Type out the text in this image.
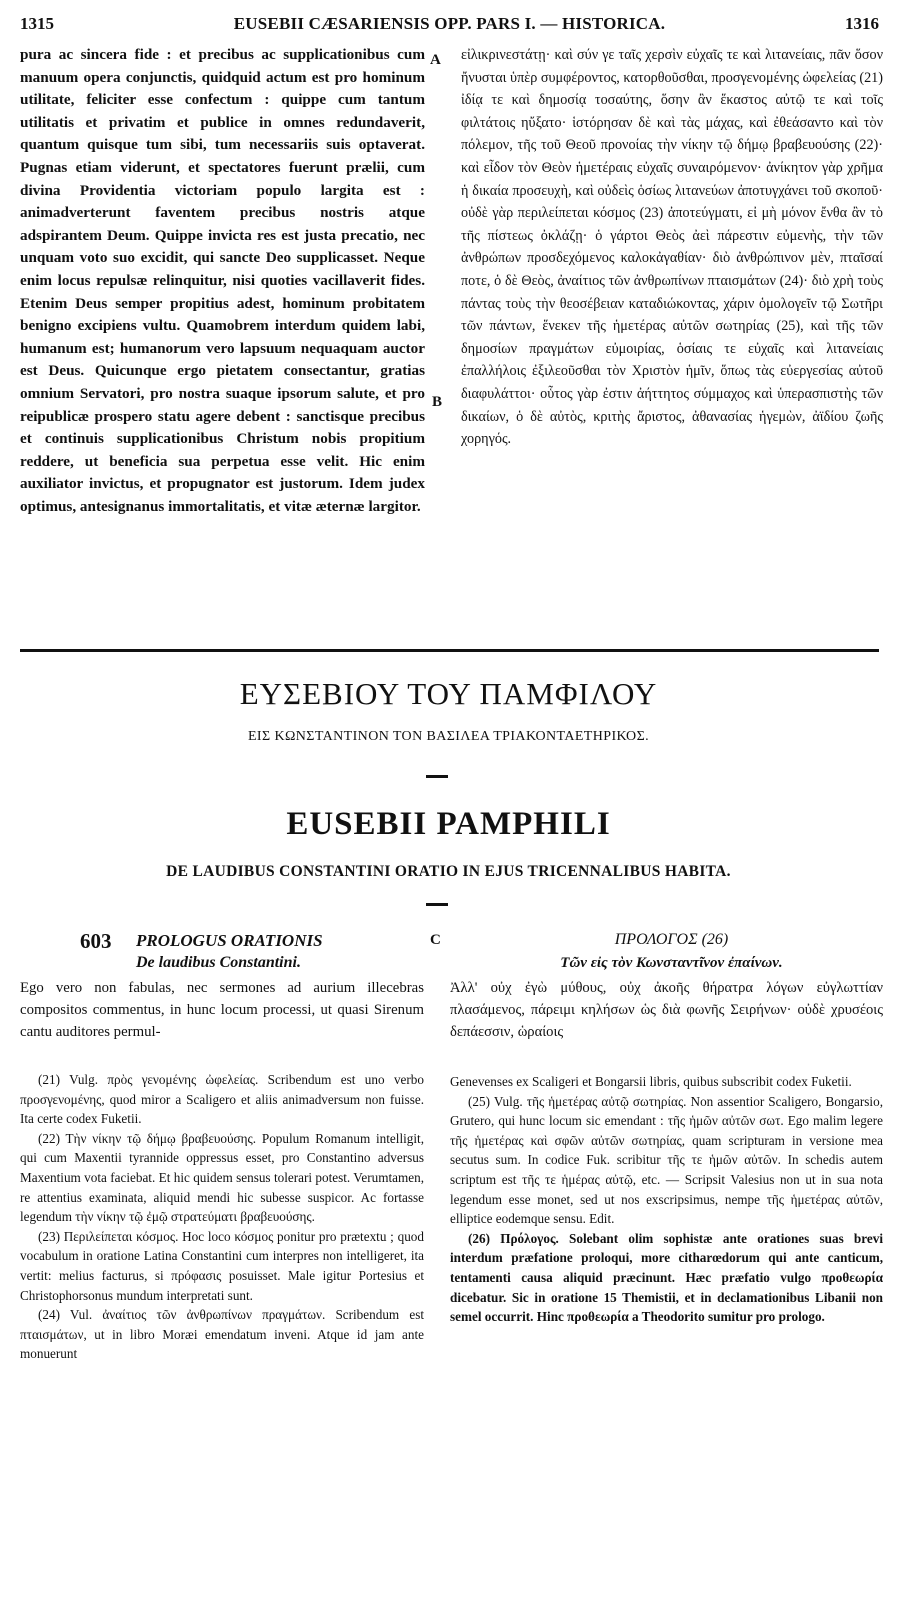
1315	EUSEBII CÆSARIENSIS OPP. PARS I. — HISTORICA.	1316

pura ac sincera fide : et precibus ac supplicationibus cum manuum opera conjunctis, quidquid actum est pro hominum utilitate, feliciter esse confectum : quippe cum tantum utilitatis et privatim et publice in omnes redundaverit, quantum quisque tum sibi, tum necessariis suis optaverat. Pugnas etiam viderunt, et spectatores fuerunt prælii, cum divina Providentia victoriam populo largita est : animadverterunt faventem precibus nostris atque adspirantem Deum. Quippe invicta res est justa precatio, nec unquam voto suo excidit, qui sancte Deo supplicasset. Neque enim locus repulsæ relinquitur, nisi quoties vacillaverit fides. Etenim Deus semper propitius adest, hominum probitatem benigno excipiens vultu. Quamobrem interdum quidem labi, humanum est; humanorum vero lapsuum nequaquam auctor est Deus. Quicunque ergo pietatem consectantur, gratias omnium Servatori, pro nostra suaque ipsorum salute, et pro reipublicæ prospero statu agere debent : sanctisque precibus et continuis supplicationibus Christum nobis propitium reddere, ut beneficia sua perpetua esse velit. Hic enim auxiliator invictus, et propugnator est justorum. Idem judex optimus, antesignanus immortalitatis, et vitæ æternæ largitor.

A
B

εἰλικρινεστάτῃ· καὶ σύν γε ταῖς χερσὶν εὐχαῖς τε καὶ λιτανείαις, πᾶν ὅσον ἤνυσται ὑπὲρ συμφέροντος, κατορθοῦσθαι, προσγενομένης ὠφελείας (21) ἰδίᾳ τε καὶ δημοσίᾳ τοσαύτης, ὅσην ἂν ἕκαστος αὐτῷ τε καὶ τοῖς φιλτάτοις ηὔξατο· ἱστόρησαν δὲ καὶ τὰς μάχας, καὶ ἐθεάσαντο καὶ τὸν πόλεμον, τῆς τοῦ Θεοῦ προνοίας τὴν νίκην τῷ δήμῳ βραβευούσης (22)· καὶ εἶδον τὸν Θεὸν ἡμετέραις εὐχαῖς συναιρόμενον· ἀνίκητον γὰρ χρῆμα ἡ δικαία προσευχὴ, καὶ οὐδεὶς ὁσίως λιτανεύων ἀποτυγχάνει τοῦ σκοποῦ· οὐδὲ γὰρ περιλείπεται κόσμος (23) ἀποτεύγματι, εἰ μὴ μόνον ἔνθα ἂν τὸ τῆς πίστεως ὀκλάζῃ· ὁ γάρτοι Θεὸς ἀεὶ πάρεστιν εὐμενὴς, τὴν τῶν ἀνθρώπων προσδεχόμενος καλοκἀγαθίαν· διὸ ἀνθρώπινον μὲν, πταῖσαί ποτε, ὁ δὲ Θεὸς, ἀναίτιος τῶν ἀνθρωπίνων πταισμάτων (24)· διὸ χρὴ τοὺς πάντας τοὺς τὴν θεοσέβειαν καταδιώκοντας, χάριν ὁμολογεῖν τῷ Σωτῆρι τῶν πάντων, ἕνεκεν τῆς ἡμετέρας αὐτῶν σωτηρίας (25), καὶ τῆς τῶν δημοσίων πραγμάτων εὐμοιρίας, ὁσίαις τε εὐχαῖς καὶ λιτανείαις ἐπαλλήλοις ἐξιλεοῦσθαι τὸν Χριστὸν ἡμῖν, ὅπως τὰς εὐεργεσίας αὐτοῦ διαφυλάττοι· οὗτος γὰρ ἐστιν ἀήττητος σύμμαχος καὶ ὑπερασπιστὴς τῶν δικαίων, ὁ δὲ αὐτὸς, κριτὴς ἄριστος, ἀθανασίας ἡγεμὼν, ἀϊδίου ζωῆς χορηγός.

ΕΥΣΕΒΙΟΥ ΤΟΥ ΠΑΜΦΙΛΟΥ
ΕΙΣ ΚΩΝΣΤΑΝΤΙΝΟΝ ΤΟΝ ΒΑΣΙΛΕΑ ΤΡΙΑΚΟΝΤΑΕΤΗΡΙΚΟΣ.
EUSEBII PAMPHILI
DE LAUDIBUS CONSTANTINI ORATIO IN EJUS TRICENNALIBUS HABITA.
603 PROLOGUS ORATIONIS
De laudibus Constantini.
C	ΠΡΟΛΟΓΟΣ (26)
Τῶν εἰς τὸν Κωνσταντῖνον ἐπαίνων.

Ego vero non fabulas, nec sermones ad aurium illecebras compositos commentus, in hunc locum processi, ut quasi Sirenum cantu auditores permul-

Ἀλλ' οὐχ ἐγὼ μύθους, οὐχ ἀκοῆς θήρατρα λόγων εὐγλωττίαν πλασάμενος, πάρειμι κηλήσων ὡς διὰ φωνῆς Σειρήνων· οὐδὲ χρυσέοις δεπάεσσιν, ὡραίοις

(21) Vulg. πρὸς γενομένης ὠφελείας. Scribendum est uno verbo προσγενομένης, quod miror a Scaligero et aliis animadversum non fuisse. Ita certe codex Fuketii.

(22) Τὴν νίκην τῷ δήμῳ βραβευούσης. Populum Romanum intelligit, qui cum Maxentii tyrannide oppressus esset, pro Constantino adversus Maxentium vota faciebat. Et hic quidem sensus tolerari potest. Verumtamen, re attentius examinata, aliquid mendi hic subesse suspicor. Ac fortasse legendum τὴν νίκην τῷ ἐμῷ στρατεύματι βραβευούσης.

(23) Περιλείπεται κόσμος. Hoc loco κόσμος ponitur pro prætextu ; quod vocabulum in oratione Latina Constantini cum interpres non intelligeret, ita vertit: melius facturus, si πρόφασις posuisset. Male igitur Portesius et Christophorsonus mundum interpretati sunt.

(24) Vul. ἀναίτιος τῶν ἀνθρωπίνων πραγμάτων. Scribendum est πταισμάτων, ut in libro Moræi emendatum inveni. Atque id jam ante monuerunt

Genevenses ex Scaligeri et Bongarsii libris, quibus subscribit codex Fuketii.

(25) Vulg. τῆς ἡμετέρας αὐτῷ σωτηρίας. Non assentior Scaligero, Bongarsio, Grutero, qui hunc locum sic emendant : τῆς ἡμῶν αὐτῶν σωτ. Ego malim legere τῆς ἡμετέρας καὶ σφῶν αὐτῶν σωτηρίας, quam scripturam in versione mea secutus sum. In codice Fuk. scribitur τῆς τε ἡμῶν αὐτῶν. In schedis autem scriptum est τῆς τε ἡμέρας αὐτῷ, etc. — Scripsit Valesius non ut in sua nota legendum esse monet, sed ut nos exscripsimus, nempe τῆς ἡμετέρας αὐτῶν, elliptice eodemque sensu. Edit.

(26) Πρόλογος. Solebant olim sophistæ ante orationes suas brevi interdum præfatione proloqui, more citharœdorum qui ante canticum, tentamenti causa aliquid præcinunt. Hæc præfatio vulgo προθεωρία dicebatur. Sic in oratione 15 Themistii, et in declamationibus Libanii non semel occurrit. Hinc προθεωρία a Theodorito sumitur pro prologo.
